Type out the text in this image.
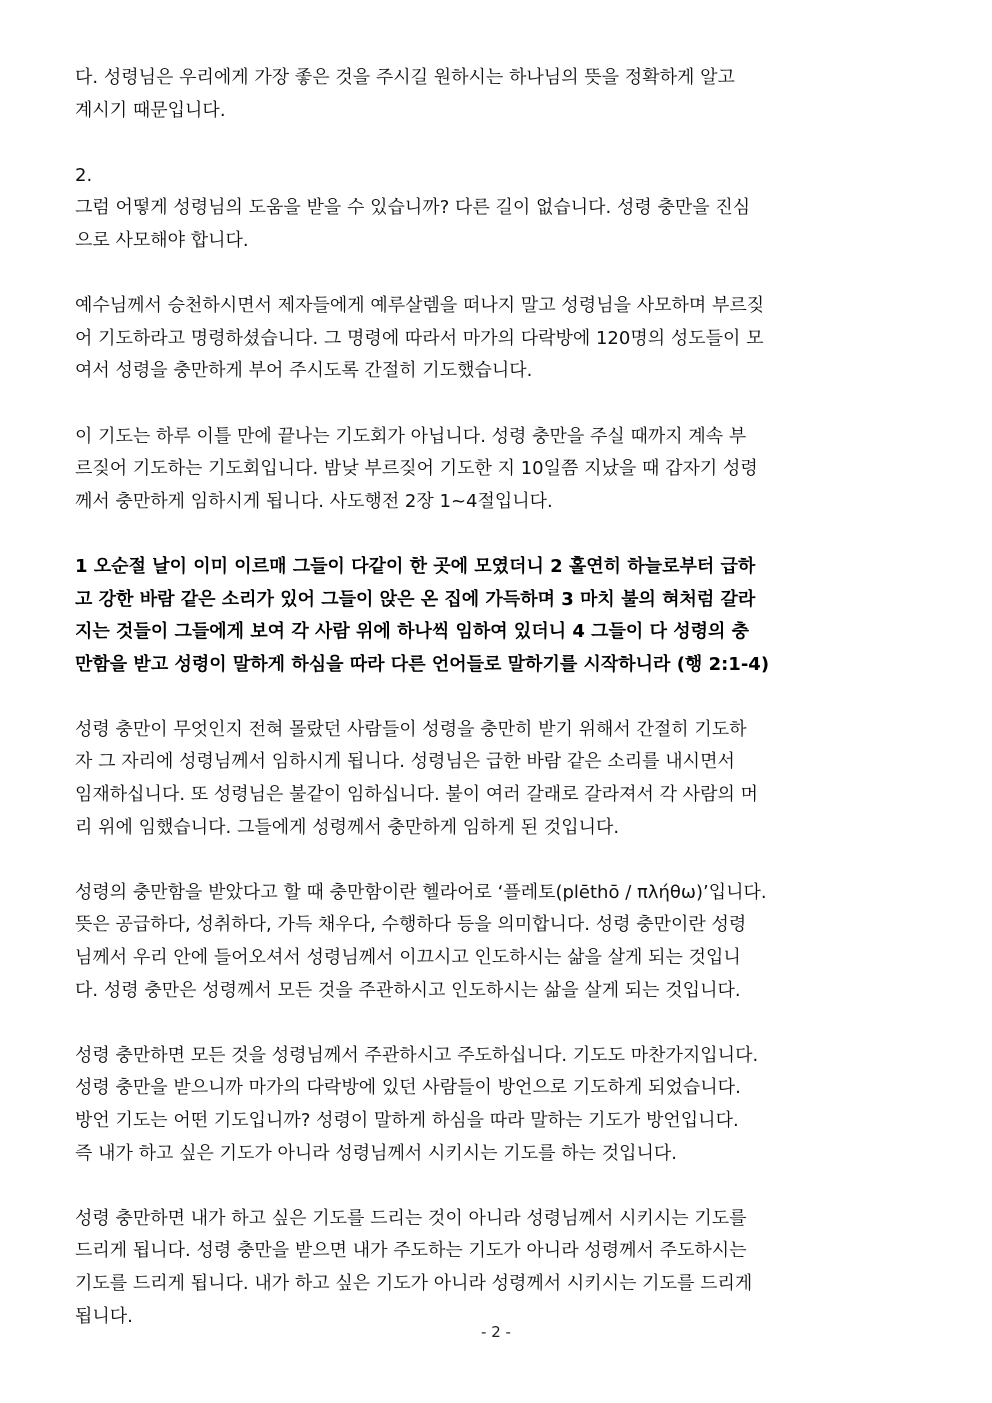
다. 성령님은 우리에게 가장 좋은 것을 주시길 원하시는 하나님의 뜻을 정확하게 알고
계시기 때문입니다.

2.

그럼 어떻게 성령님의 도움을 받을 수 있습니까? 다른 길이 없습니다. 성령 충만을 진심
으로 사모해야 합니다.

예수님께서 승천하시면서 제자들에게 예루살렘을 떠나지 말고 성령님을 사모하며 부르짖
어 기도하라고 명령하셨습니다. 그 명령에 따라서 마가의 다락방에 120명의 성도들이 모
여서 성령을 충만하게 부어 주시도록 간절히 기도했습니다.

이 기도는 하루 이틀 만에 끝나는 기도회가 아닙니다. 성령 충만을 주실 때까지 계속 부
르짖어 기도하는 기도회입니다. 밤낮 부르짖어 기도한 지 10일쯤 지났을 때 갑자기 성령
께서 충만하게 임하시게 됩니다. 사도행전 2장 1~4절입니다.

1 오순절 날이 이미 이르매 그들이 다같이 한 곳에 모였더니 2 홀연히 하늘로부터 급하
고 강한 바람 같은 소리가 있어 그들이 앉은 온 집에 가득하며 3 마치 불의 혀처럼 갈라
지는 것들이 그들에게 보여 각 사람 위에 하나씩 임하여 있더니 4 그들이 다 성령의 충
만함을 받고 성령이 말하게 하심을 따라 다른 언어들로 말하기를 시작하니라 (행 2:1-4)

성령 충만이 무엇인지 전혀 몰랐던 사람들이 성령을 충만히 받기 위해서 간절히 기도하
자 그 자리에 성령님께서 임하시게 됩니다. 성령님은 급한 바람 같은 소리를 내시면서
임재하십니다. 또 성령님은 불같이 임하십니다. 불이 여러 갈래로 갈라져서 각 사람의 머
리 위에 임했습니다. 그들에게 성령께서 충만하게 임하게 된 것입니다.

성령의 충만함을 받았다고 할 때 충만함이란 헬라어로 ‘플레토(plēthō / πλήθω)’입니다.
뜻은 공급하다, 성취하다, 가득 채우다, 수행하다 등을 의미합니다. 성령 충만이란 성령
님께서 우리 안에 들어오셔서 성령님께서 이끄시고 인도하시는 삶을 살게 되는 것입니
다. 성령 충만은 성령께서 모든 것을 주관하시고 인도하시는 삶을 살게 되는 것입니다.

성령 충만하면 모든 것을 성령님께서 주관하시고 주도하십니다. 기도도 마찬가지입니다.
성령 충만을 받으니까 마가의 다락방에 있던 사람들이 방언으로 기도하게 되었습니다.
방언 기도는 어떤 기도입니까? 성령이 말하게 하심을 따라 말하는 기도가 방언입니다.
즉 내가 하고 싶은 기도가 아니라 성령님께서 시키시는 기도를 하는 것입니다.

성령 충만하면 내가 하고 싶은 기도를 드리는 것이 아니라 성령님께서 시키시는 기도를
드리게 됩니다. 성령 충만을 받으면 내가 주도하는 기도가 아니라 성령께서 주도하시는
기도를 드리게 됩니다. 내가 하고 싶은 기도가 아니라 성령께서 시키시는 기도를 드리게
됩니다.

- 2 -
